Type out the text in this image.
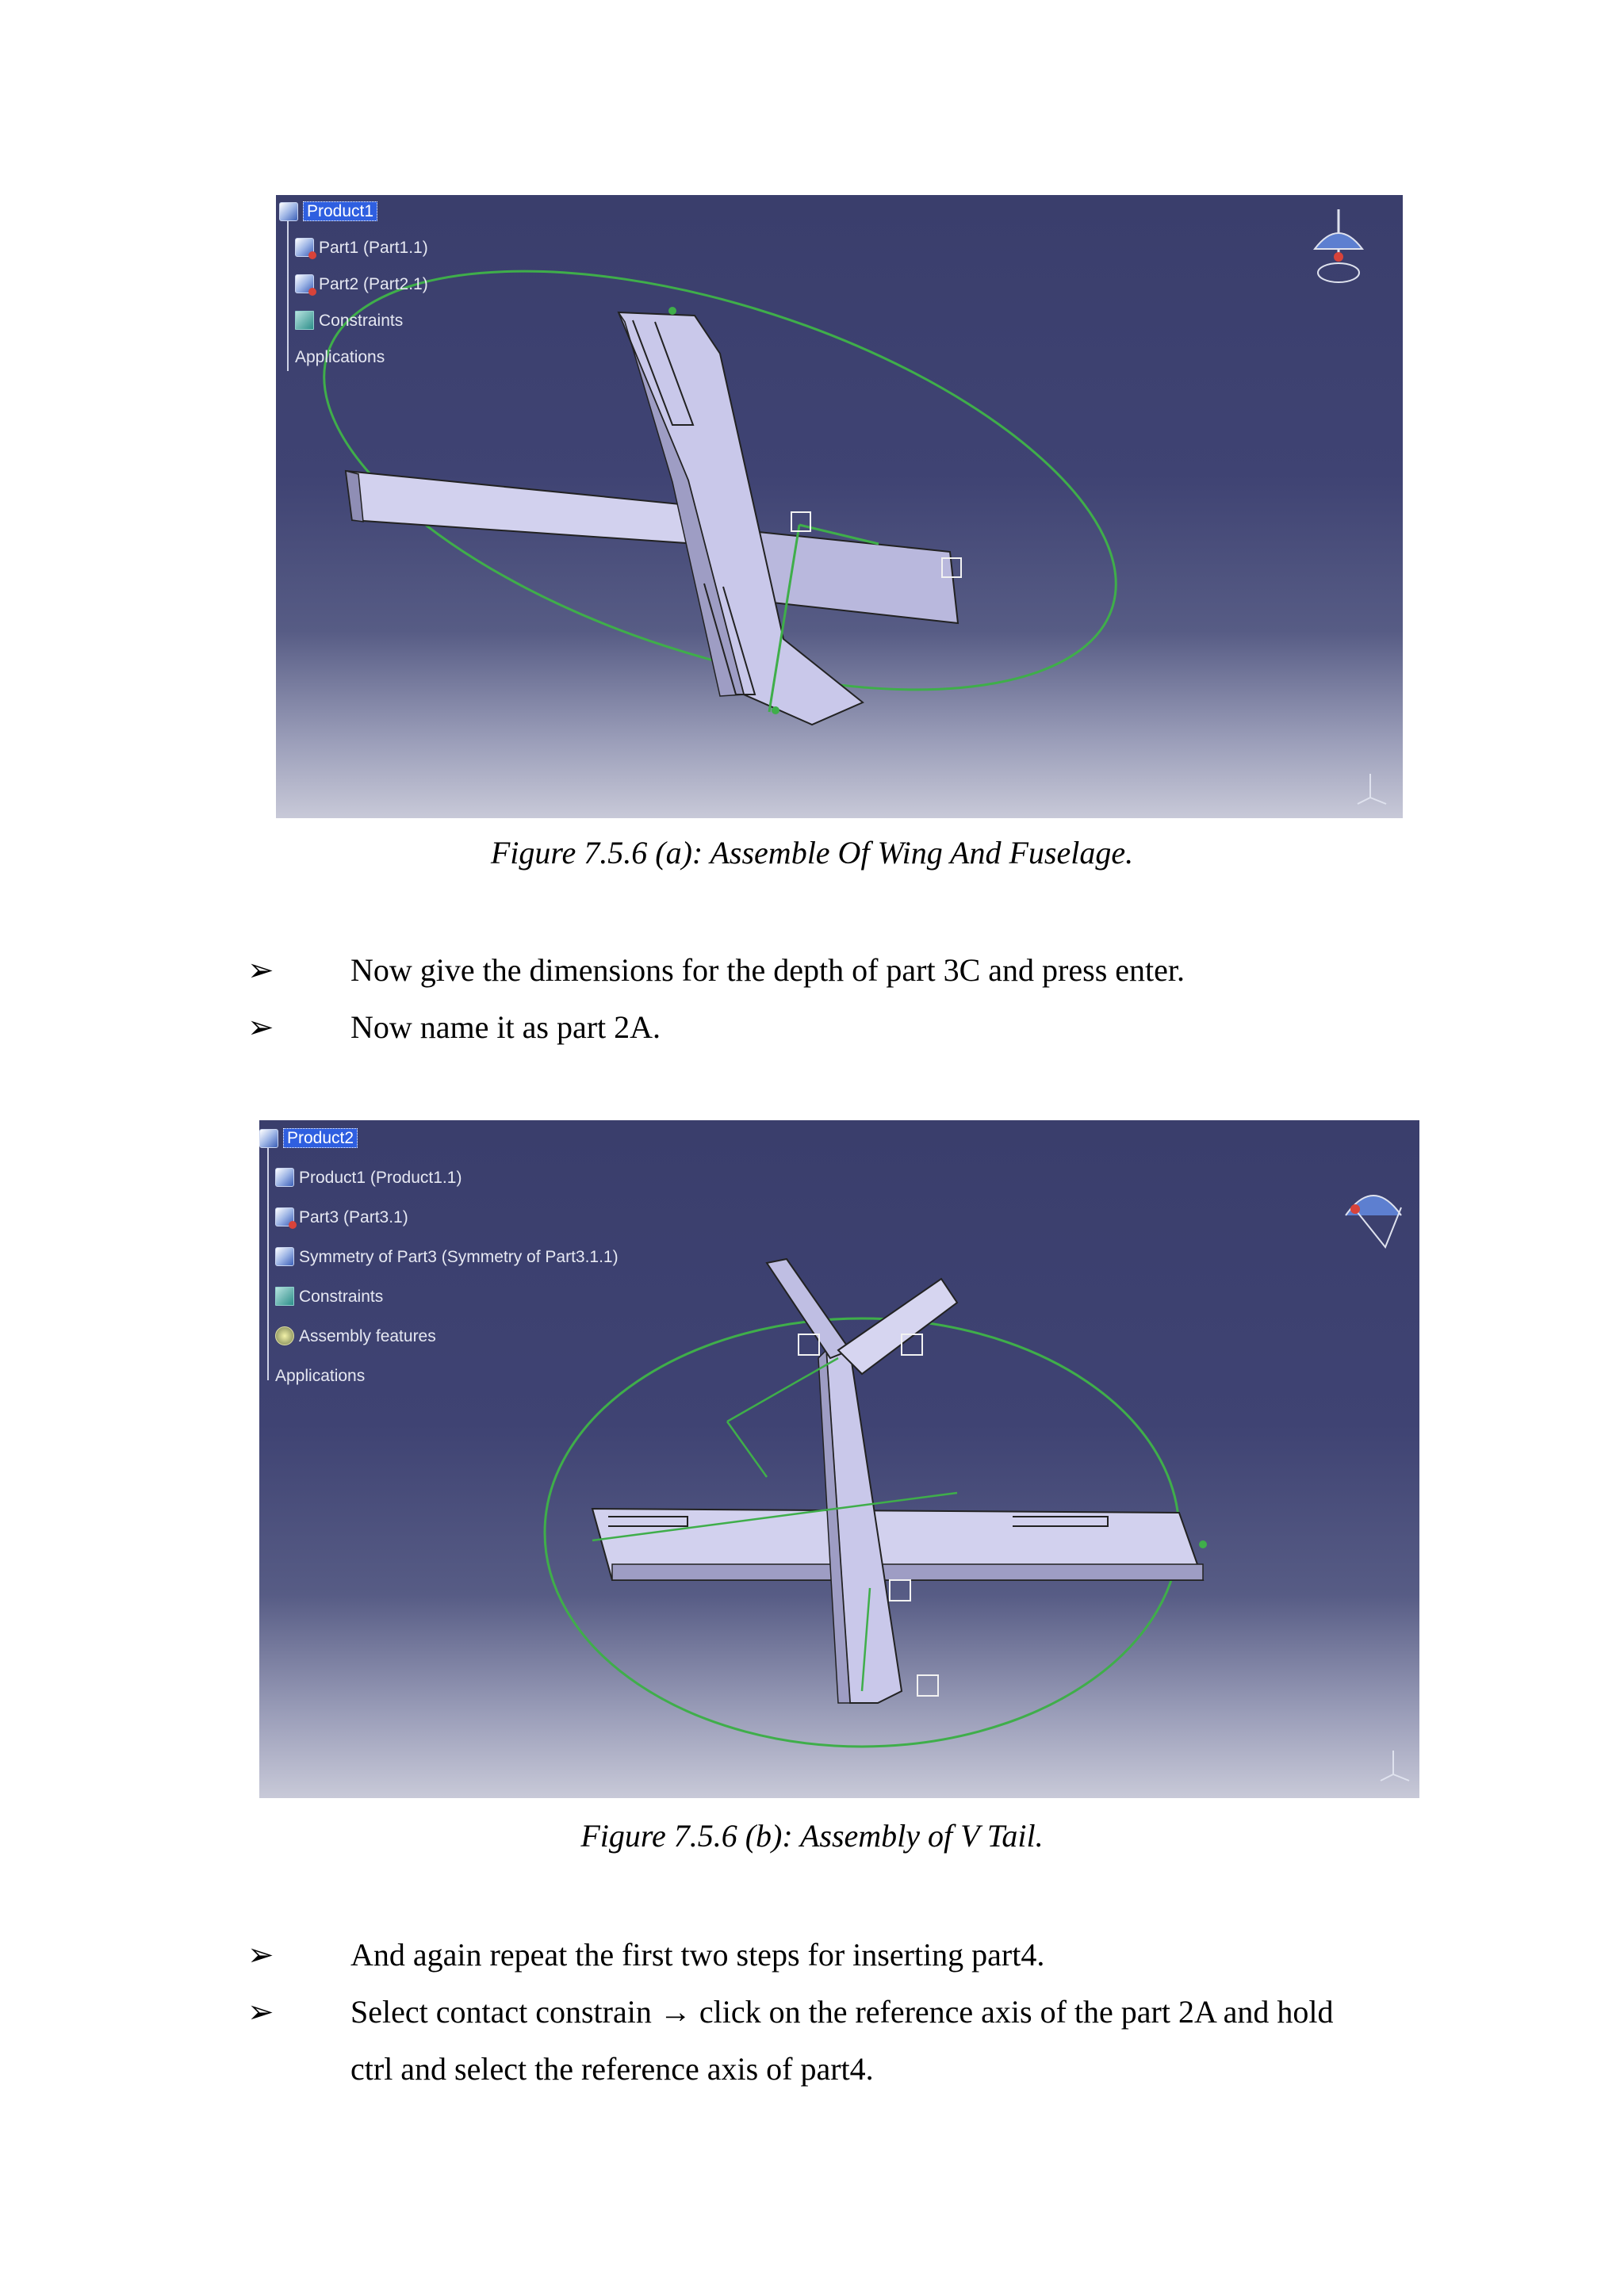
Product1
Part1 (Part1.1)
Part2 (Part2.1)
Constraints
Applications
Figure 7.5.6 (a): Assemble Of Wing And Fuselage.
➢ Now give the dimensions for the depth of part 3C and press enter.
➢ Now name it as part 2A.
Product2
Product1 (Product1.1)
Part3 (Part3.1)
Symmetry of Part3 (Symmetry of Part3.1.1)
Constraints
Assembly features
Applications
Figure 7.5.6 (b): Assembly of V Tail.
➢ And again repeat the first two steps for inserting part4.
➢ Select contact constrain → click on the reference axis of the part 2A and hold
ctrl and select the reference axis of part4.
